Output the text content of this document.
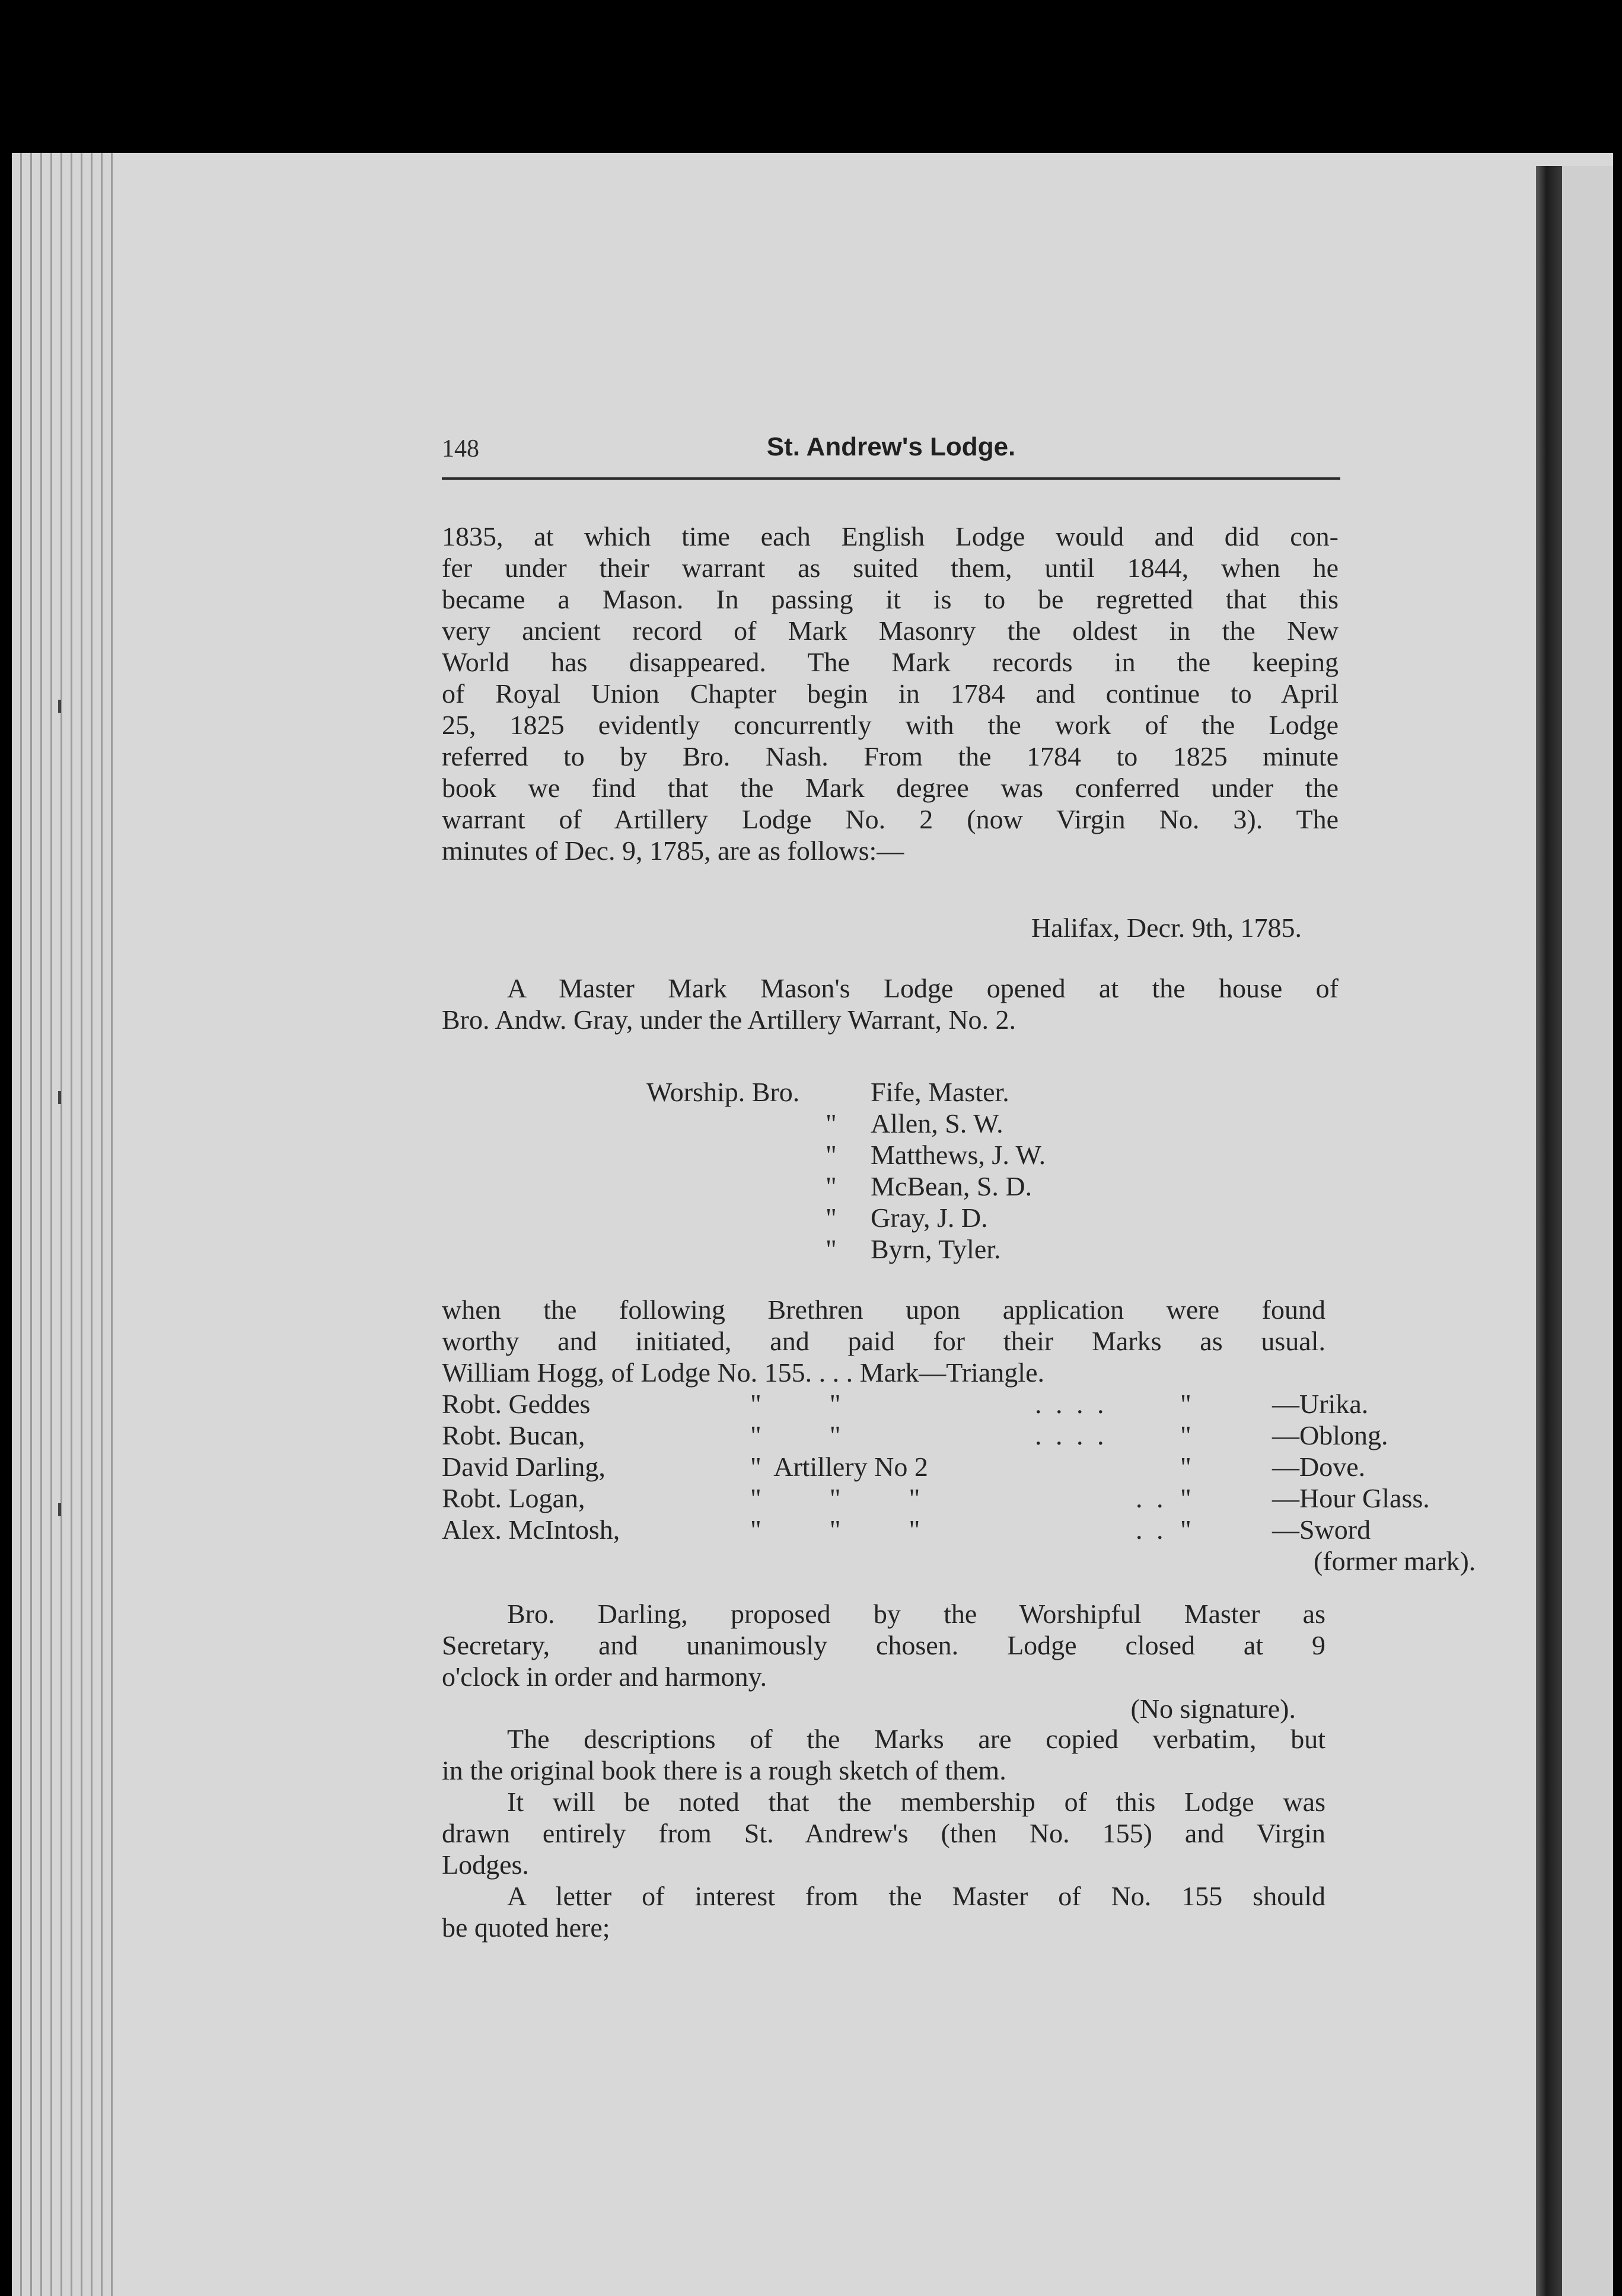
148	St. Andrew's Lodge.
1835, at which time each English Lodge would and did con-
fer under their warrant as suited them, until 1844, when he
became a Mason. In passing it is to be regretted that this
very ancient record of Mark Masonry the oldest in the New
World has disappeared. The Mark records in the keeping
of Royal Union Chapter begin in 1784 and continue to April
25, 1825 evidently concurrently with the work of the Lodge
referred to by Bro. Nash. From the 1784 to 1825 minute
book we find that the Mark degree was conferred under the
warrant of Artillery Lodge No. 2 (now Virgin No. 3). The
minutes of Dec. 9, 1785, are as follows:—
Halifax, Decr. 9th, 1785.
A Master Mark Mason's Lodge opened at the house of
Bro. Andw. Gray, under the Artillery Warrant, No. 2.
Worship. Bro.	Fife, Master.
" Allen, S. W.
" Matthews, J. W.
" McBean, S. D.
" Gray, J. D.
" Byrn, Tyler.
when the following Brethren upon application were found
worthy and initiated, and paid for their Marks as usual.
William Hogg, of Lodge No. 155. . . . Mark—Triangle.
Robt. Geddes	"          "	. . . .	"	—Urika.
Robt. Bucan,	"          "	. . . .	"	—Oblong.
David Darling,	"  Artillery No 2	"	—Dove.
Robt. Logan,	"          "          "	. . "	—Hour Glass.
Alex. McIntosh,	"          "          "	. . "	—Sword
(former mark).
Bro. Darling, proposed by the Worshipful Master as
Secretary, and unanimously chosen. Lodge closed at 9
o'clock in order and harmony.
(No signature).
The descriptions of the Marks are copied verbatim, but
in the original book there is a rough sketch of them.
It will be noted that the membership of this Lodge was
drawn entirely from St. Andrew's (then No. 155) and Virgin
Lodges.
A letter of interest from the Master of No. 155 should
be quoted here;
